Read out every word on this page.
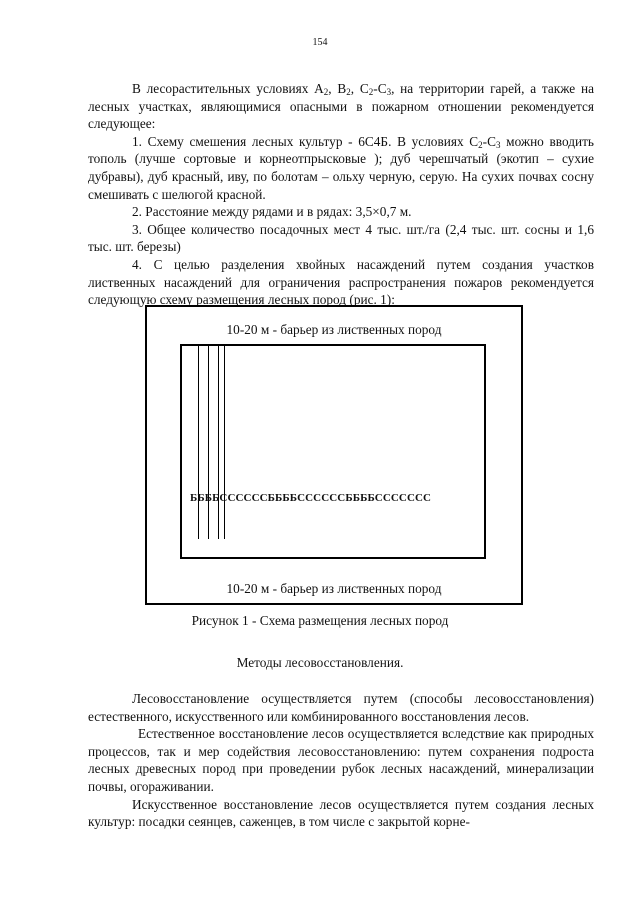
154

В лесорастительных условиях $А_2$, $В_2$, $С_2-С_3$, на территории гарей, а также на лесных участках, являющимися опасными в пожарном отношении рекомендуется следующее:

1. Схему смешения лесных культур - 6С4Б. В условиях $С_2-С_3$ можно вводить тополь (лучше сортовые и корнеотпрысковые ); дуб черешчатый (экотип – сухие дубравы), дуб красный, иву, по болотам – ольху черную, серую. На сухих почвах сосну смешивать с шелюгой красной.

2. Расстояние между рядами и в рядах: 3,5×0,7 м.

3. Общее количество посадочных мест 4 тыс. шт./га (2,4 тыс. шт. сосны и 1,6 тыс. шт. березы)

4. С целью разделения хвойных насаждений путем создания участков лиственных насаждений для ограничения распространения пожаров рекомендуется следующую схему размещения лесных пород (рис. 1):

10-20 м - барьер из лиственных пород
ББББССССССББББССССССББББССССССС
10-20 м - барьер из лиственных пород
Рисунок 1 - Схема размещения лесных пород
Методы лесовосстановления.

Лесовосстановление осуществляется путем (способы лесовосстановления) естественного, искусственного или комбинированного восстановления лесов.

Естественное восстановление лесов осуществляется вследствие как природных процессов, так и мер содействия лесовосстановлению: путем сохранения подроста лесных древесных пород при проведении рубок лесных насаждений, минерализации почвы, огораживании.

Искусственное восстановление лесов осуществляется путем создания лесных культур: посадки сеянцев, саженцев, в том числе с закрытой корне-
